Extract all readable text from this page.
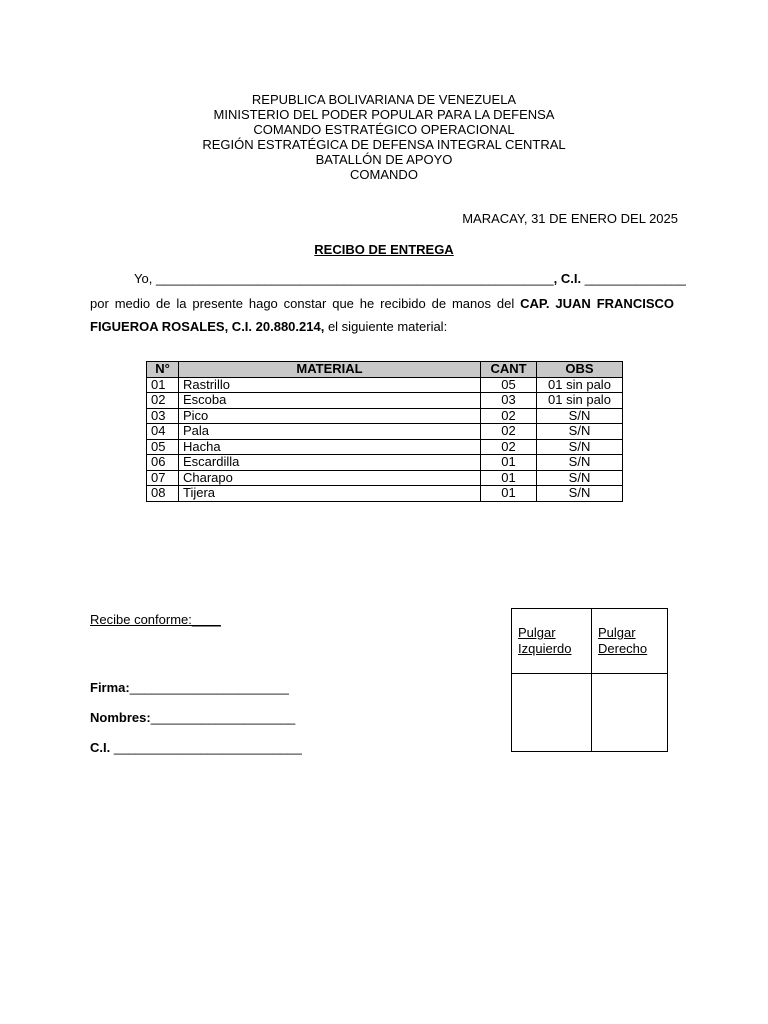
REPUBLICA BOLIVARIANA DE VENEZUELA
MINISTERIO DEL PODER POPULAR PARA LA DEFENSA
COMANDO ESTRATÉGICO OPERACIONAL
REGIÓN ESTRATÉGICA DE DEFENSA INTEGRAL CENTRAL
BATALLÓN DE APOYO
COMANDO
MARACAY, 31 DE ENERO DEL 2025
RECIBO DE ENTREGA
Yo, _______________________________________________________, C.I. ______________
por medio de la presente hago constar que he recibido de manos del CAP. JUAN FRANCISCO FIGUEROA ROSALES, C.I. 20.880.214, el siguiente material:
N°	MATERIAL	CANT	OBS
01	Rastrillo	05	01 sin palo
02	Escoba	03	01 sin palo
03	Pico	02	S/N
04	Pala	02	S/N
05	Hacha	02	S/N
06	Escardilla	01	S/N
07	Charapo	01	S/N
08	Tijera	01	S/N
Recibe conforme:____
Firma:______________________
Nombres:____________________
C.I. __________________________
Pulgar
Izquierdo
Pulgar
Derecho
